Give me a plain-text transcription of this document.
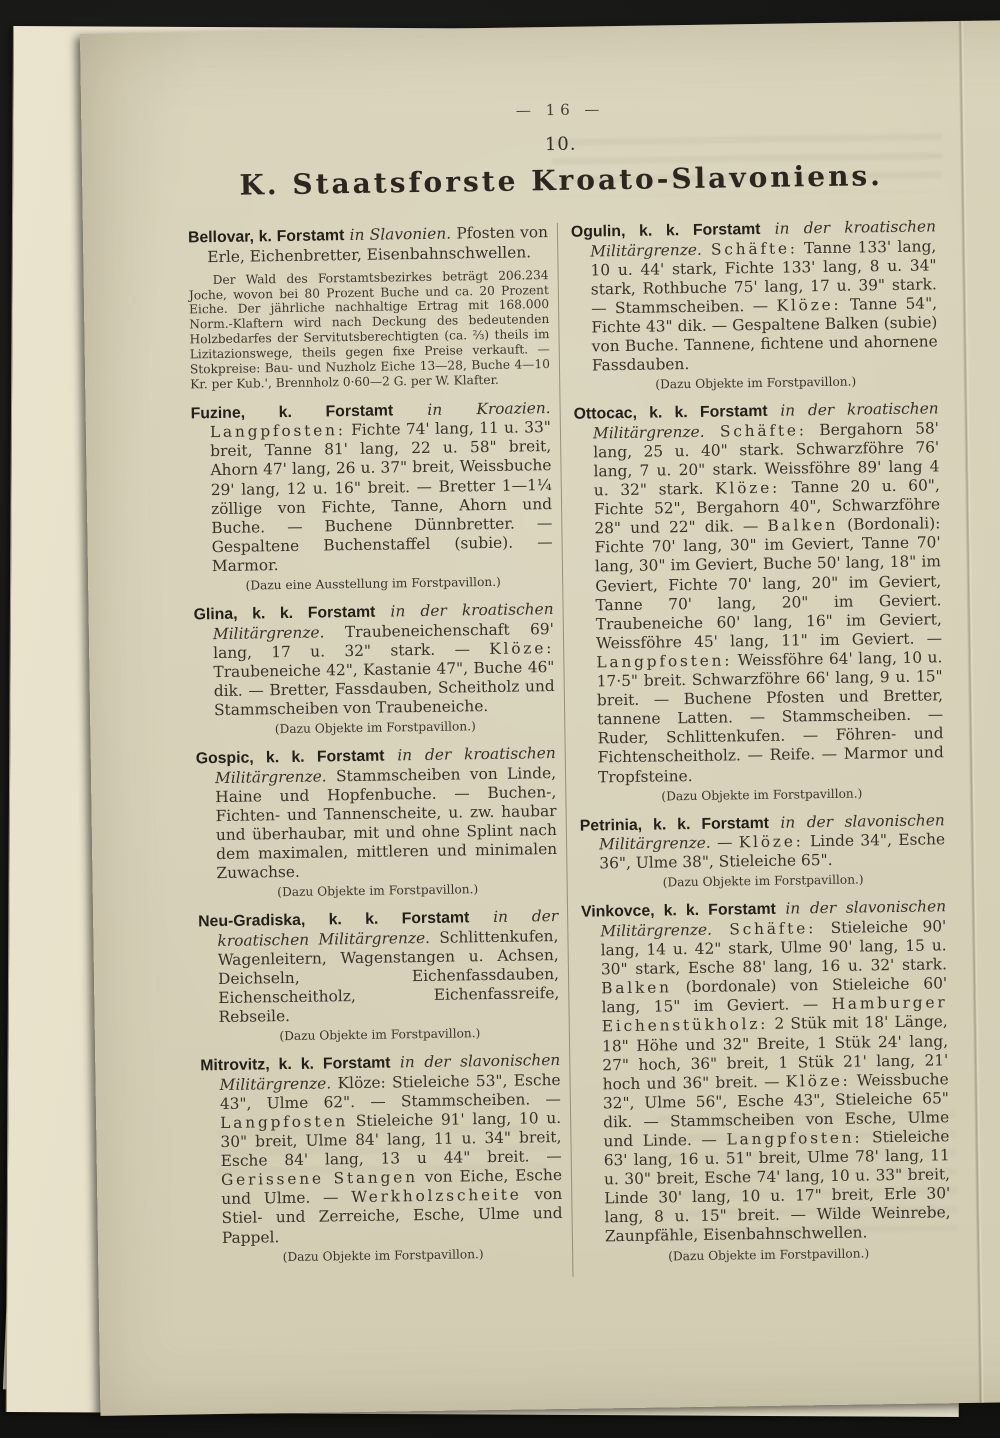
— 16 —
10.
K. Staatsforste Kroato-Slavoniens.

Bellovar, k. Forstamt in Slavonien. Pfosten von Erle, Eichenbretter, Eisenbahnschwellen.

Der Wald des Forstamtsbezirkes beträgt 206.234 Joche, wovon bei 80 Prozent Buche und ca. 20 Prozent Eiche. Der jährliche nachhaltige Ertrag mit 168.000 Norm.-Klaftern wird nach Deckung des bedeutenden Holzbedarfes der Servitutsberechtigten (ca. ⅔) theils im Lizitazionswege, theils gegen fixe Preise verkauft. — Stokpreise: Bau- und Nuzholz Eiche 13—28, Buche 4—10 Kr. per Kub.', Brennholz 0·60—2 G. per W. Klafter.

Fuzine, k. Forstamt in Kroazien. Langpfosten: Fichte 74' lang, 11 u. 33" breit, Tanne 81' lang, 22 u. 58" breit, Ahorn 47' lang, 26 u. 37" breit, Weissbuche 29' lang, 12 u. 16" breit. — Bretter 1—1¼ zöllige von Fichte, Tanne, Ahorn und Buche. — Buchene Dünnbretter. — Gespaltene Buchenstaffel (subie). — Marmor.

(Dazu eine Ausstellung im Forstpavillon.)

Glina, k. k. Forstamt in der kroatischen Militärgrenze. Traubeneichenschaft 69' lang, 17 u. 32" stark. — Klöze: Traubeneiche 42", Kastanie 47", Buche 46" dik. — Bretter, Fassdauben, Scheitholz und Stammscheiben von Traubeneiche.

(Dazu Objekte im Forstpavillon.)

Gospic, k. k. Forstamt in der kroatischen Militärgrenze. Stammscheiben von Linde, Haine und Hopfenbuche. — Buchen-, Fichten- und Tannenscheite, u. zw. haubar und überhaubar, mit und ohne Splint nach dem maximalen, mittleren und minimalen Zuwachse.

(Dazu Objekte im Forstpavillon.)

Neu-Gradiska, k. k. Forstamt in der kroatischen Militärgrenze. Schlittenkufen, Wagenleitern, Wagenstangen u. Achsen, Deichseln, Eichenfassdauben, Eichenscheitholz, Eichenfassreife, Rebseile.

(Dazu Objekte im Forstpavillon.)

Mitrovitz, k. k. Forstamt in der slavonischen Militärgrenze. Klöze: Stieleiche 53", Esche 43", Ulme 62". — Stammscheiben. — Langpfosten Stieleiche 91' lang, 10 u. 30" breit, Ulme 84' lang, 11 u. 34" breit, Esche 84' lang, 13 u 44" breit. — Gerissene Stangen von Eiche, Esche und Ulme. — Werkholzscheite von Stiel- und Zerreiche, Esche, Ulme und Pappel.

(Dazu Objekte im Forstpavillon.)

Ogulin, k. k. Forstamt in der kroatischen Militärgrenze. Schäfte: Tanne 133' lang, 10 u. 44' stark, Fichte 133' lang, 8 u. 34" stark, Rothbuche 75' lang, 17 u. 39" stark. — Stammscheiben. — Klöze: Tanne 54", Fichte 43" dik. — Gespaltene Balken (subie) von Buche. Tannene, fichtene und ahornene Fassdauben.

(Dazu Objekte im Forstpavillon.)

Ottocac, k. k. Forstamt in der kroatischen Militärgrenze. Schäfte: Bergahorn 58' lang, 25 u. 40" stark. Schwarzföhre 76' lang, 7 u. 20" stark. Weissföhre 89' lang 4 u. 32" stark. Klöze: Tanne 20 u. 60", Fichte 52", Bergahorn 40", Schwarzföhre 28" und 22" dik. — Balken (Bordonali): Fichte 70' lang, 30" im Geviert, Tanne 70' lang, 30" im Geviert, Buche 50' lang, 18" im Geviert, Fichte 70' lang, 20" im Geviert, Tanne 70' lang, 20" im Geviert. Traubeneiche 60' lang, 16" im Geviert, Weissföhre 45' lang, 11" im Geviert. — Langpfosten: Weissföhre 64' lang, 10 u. 17·5" breit. Schwarzföhre 66' lang, 9 u. 15" breit. — Buchene Pfosten und Bretter, tannene Latten. — Stammscheiben. — Ruder, Schlittenkufen. — Föhren- und Fichtenscheitholz. — Reife. — Marmor und Tropfsteine.

(Dazu Objekte im Forstpavillon.)

Petrinia, k. k. Forstamt in der slavonischen Militärgrenze. — Klöze: Linde 34", Esche 36", Ulme 38", Stieleiche 65".

(Dazu Objekte im Forstpavillon.)

Vinkovce, k. k. Forstamt in der slavonischen Militärgrenze. Schäfte: Stieleiche 90' lang, 14 u. 42" stark, Ulme 90' lang, 15 u. 30" stark, Esche 88' lang, 16 u. 32' stark. Balken (bordonale) von Stieleiche 60' lang, 15" im Geviert. — Hamburger Eichenstükholz: 2 Stük mit 18' Länge, 18" Höhe und 32" Breite, 1 Stük 24' lang, 27" hoch, 36" breit, 1 Stük 21' lang, 21' hoch und 36" breit. — Klöze: Weissbuche 32", Ulme 56", Esche 43", Stieleiche 65" dik. — Stammscheiben von Esche, Ulme und Linde. — Langpfosten: Stieleiche 63' lang, 16 u. 51" breit, Ulme 78' lang, 11 u. 30" breit, Esche 74' lang, 10 u. 33" breit, Linde 30' lang, 10 u. 17" breit, Erle 30' lang, 8 u. 15" breit. — Wilde Weinrebe, Zaunpfähle, Eisenbahnschwellen.

(Dazu Objekte im Forstpavillon.)
